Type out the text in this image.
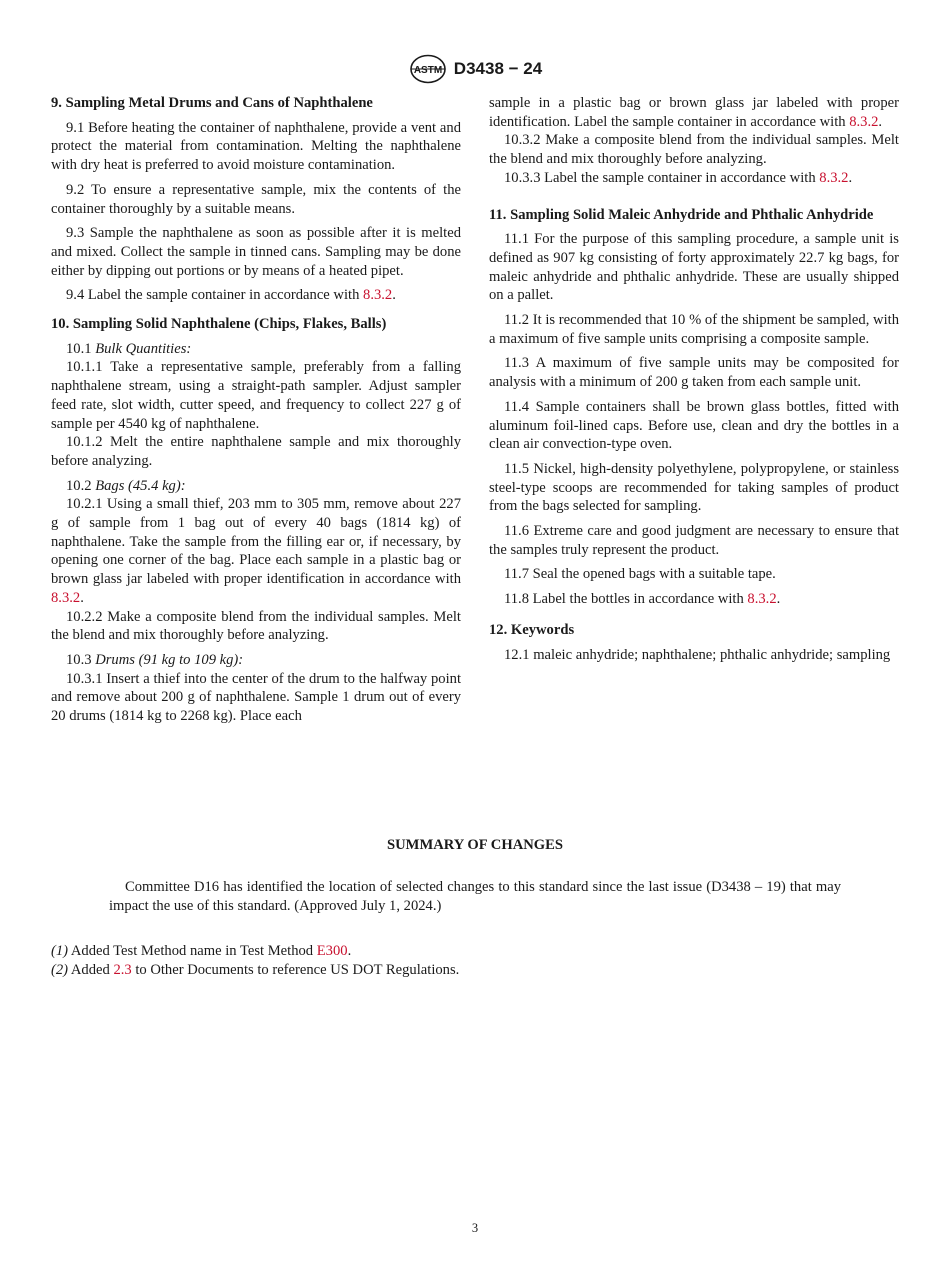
ASTM D3438 − 24

9. Sampling Metal Drums and Cans of Naphthalene

9.1 Before heating the container of naphthalene, provide a vent and protect the material from contamination. Melting the naphthalene with dry heat is preferred to avoid moisture contamination.

9.2 To ensure a representative sample, mix the contents of the container thoroughly by a suitable means.

9.3 Sample the naphthalene as soon as possible after it is melted and mixed. Collect the sample in tinned cans. Sampling may be done either by dipping out portions or by means of a heated pipet.

9.4 Label the sample container in accordance with 8.3.2.

10. Sampling Solid Naphthalene (Chips, Flakes, Balls)

10.1 Bulk Quantities:

10.1.1 Take a representative sample, preferably from a falling naphthalene stream, using a straight-path sampler. Adjust sampler feed rate, slot width, cutter speed, and frequency to collect 227 g of sample per 4540 kg of naphthalene.

10.1.2 Melt the entire naphthalene sample and mix thoroughly before analyzing.

10.2 Bags (45.4 kg):

10.2.1 Using a small thief, 203 mm to 305 mm, remove about 227 g of sample from 1 bag out of every 40 bags (1814 kg) of naphthalene. Take the sample from the filling ear or, if necessary, by opening one corner of the bag. Place each sample in a plastic bag or brown glass jar labeled with proper identification in accordance with 8.3.2.

10.2.2 Make a composite blend from the individual samples. Melt the blend and mix thoroughly before analyzing.

10.3 Drums (91 kg to 109 kg):

10.3.1 Insert a thief into the center of the drum to the halfway point and remove about 200 g of naphthalene. Sample 1 drum out of every 20 drums (1814 kg to 2268 kg). Place each

sample in a plastic bag or brown glass jar labeled with proper identification. Label the sample container in accordance with 8.3.2.

10.3.2 Make a composite blend from the individual samples. Melt the blend and mix thoroughly before analyzing.

10.3.3 Label the sample container in accordance with 8.3.2.

11. Sampling Solid Maleic Anhydride and Phthalic Anhydride

11.1 For the purpose of this sampling procedure, a sample unit is defined as 907 kg consisting of forty approximately 22.7 kg bags, for maleic anhydride and phthalic anhydride. These are usually shipped on a pallet.

11.2 It is recommended that 10 % of the shipment be sampled, with a maximum of five sample units comprising a composite sample.

11.3 A maximum of five sample units may be composited for analysis with a minimum of 200 g taken from each sample unit.

11.4 Sample containers shall be brown glass bottles, fitted with aluminum foil-lined caps. Before use, clean and dry the bottles in a clean air convection-type oven.

11.5 Nickel, high-density polyethylene, polypropylene, or stainless steel-type scoops are recommended for taking samples of product from the bags selected for sampling.

11.6 Extreme care and good judgment are necessary to ensure that the samples truly represent the product.

11.7 Seal the opened bags with a suitable tape.

11.8 Label the bottles in accordance with 8.3.2.

12. Keywords

12.1 maleic anhydride; naphthalene; phthalic anhydride; sampling

SUMMARY OF CHANGES
Committee D16 has identified the location of selected changes to this standard since the last issue (D3438 – 19) that may impact the use of this standard. (Approved July 1, 2024.)

(1) Added Test Method name in Test Method E300.

(2) Added 2.3 to Other Documents to reference US DOT Regulations.

3
